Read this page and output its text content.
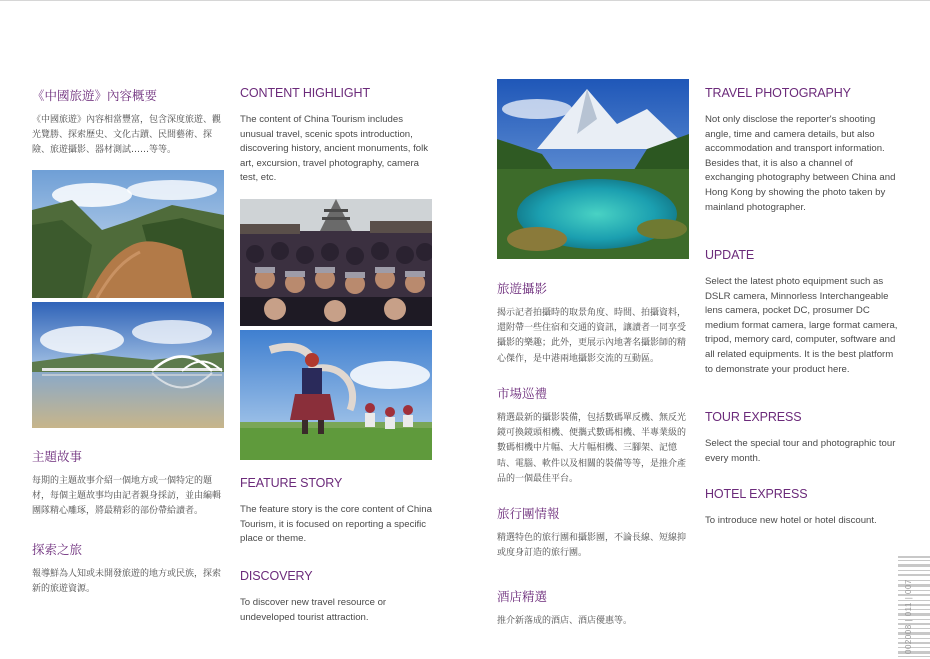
《中國旅遊》內容概要

《中國旅遊》內容相當豐富，包含深度旅遊、觀光覽勝、探索歷史、文化古蹟、民間藝術、探險、旅遊攝影、器材測試……等等。

主題故事

每期的主題故事介紹一個地方或一個特定的題材，每個主題故事均由記者親身採訪，並由編輯團隊精心雕琢，將最精彩的部份帶給讀者。

探索之旅

報導鮮為人知或未開發旅遊的地方或民族，探索新的旅遊資源。

CONTENT HIGHLIGHT

The content of China Tourism includes unusual travel, scenic spots introduction, discovering history, ancient monuments, folk art, excursion, travel photography, camera test, etc.

FEATURE STORY

The feature story is the core content of China Tourism, it is focused on reporting a specific place or theme.

DISCOVERY

To discover new travel resource or undeveloped tourist attraction.

旅遊攝影

揭示記者拍攝時的取景角度、時間、拍攝資料，還附帶一些住宿和交通的資訊，讓讀者一同享受攝影的樂趣；此外，更展示內地著名攝影師的精心傑作，是中港兩地攝影交流的互動區。

市場巡禮

精選最新的攝影裝備，包括數碼單反機、無反光鏡可換鏡頭相機、便攜式數碼相機、半專業級的數碼相機中片幅、大片幅相機、三腳架、記憶咭、電腦、軟件以及相關的裝備等等，是推介產品的一個最佳平台。

旅行團情報

精選特色的旅行團和攝影團，不論長線、短線抑或度身訂造的旅行團。

酒店精選

推介新落成的酒店、酒店優惠等。

TRAVEL PHOTOGRAPHY

Not only disclose the reporter's shooting angle, time and camera details, but also accommodation and transport information. Besides that, it is also a channel of exchanging photography between China and Hong Kong by showing the photo taken by mainland photographer.

UPDATE

Select the latest photo equipment such as DSLR camera, Minnorless Interchangeable lens camera, pocket DC, prosumer DC medium format camera, large format camera, tripod, memory card, computer, software and all related equipments. It is the best platform to demonstrate your product here.

TOUR EXPRESS

Select the special tour and photographic tour every month.

HOTEL EXPRESS

To introduce new hotel or hotel discount.

002008 | 011 | 007
